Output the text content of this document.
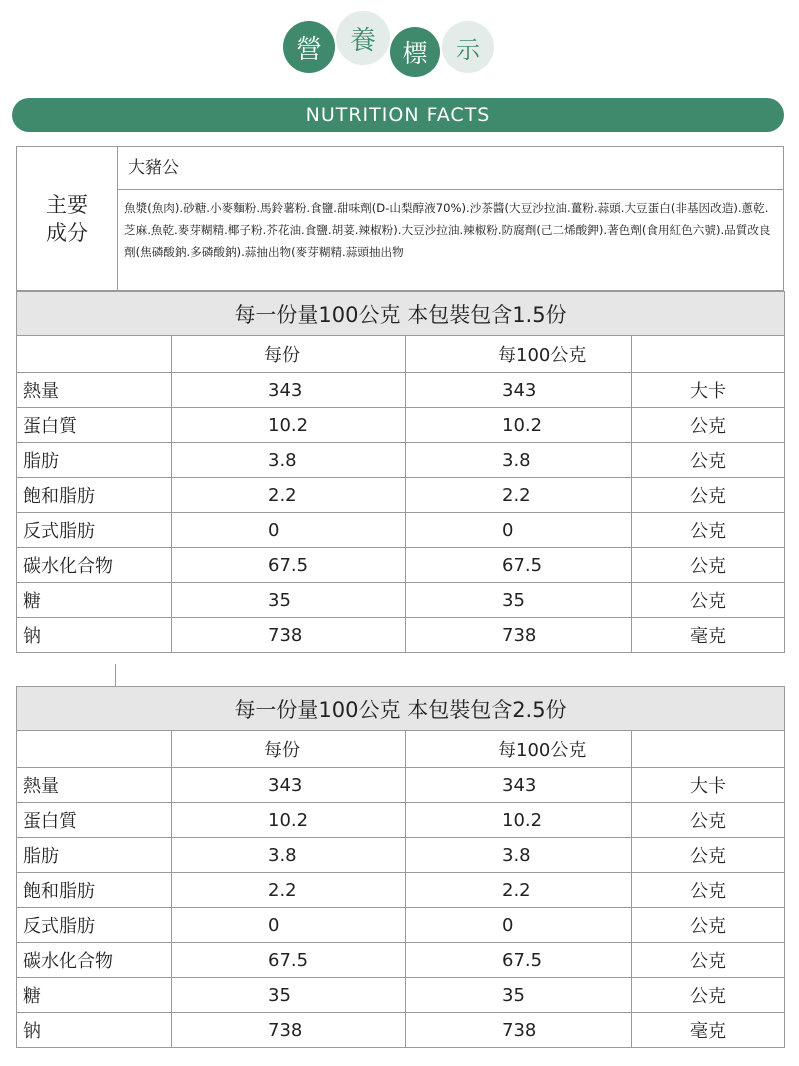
營	養	標	示
NUTRITION FACTS
主要
成分
大豬公
魚漿(魚肉).砂糖.小麥麵粉.馬鈴薯粉.食鹽.甜味劑(D-山梨醇液70%).沙茶醬(大豆沙拉油.薑粉.蒜頭.大豆蛋白(非基因改造).蔥乾.芝麻.魚乾.麥芽糊精.椰子粉.芥花油.食鹽.胡荽.辣椒粉).大豆沙拉油.辣椒粉.防腐劑(己二烯酸鉀).著色劑(食用紅色六號).品質改良劑(焦磷酸鈉.多磷酸鈉).蒜抽出物(麥芽糊精.蒜頭抽出物
每一份量100公克 本包裝包含1.5份			
	每份	每100公克	
熱量	343	343	大卡
蛋白質	10.2	10.2	公克
脂肪	3.8	3.8	公克
飽和脂肪	2.2	2.2	公克
反式脂肪	0	0	公克
碳水化合物	67.5	67.5	公克
糖	35	35	公克
钠	738	738	毫克
每一份量100公克 本包裝包含2.5份			
	每份	每100公克	
熱量	343	343	大卡
蛋白質	10.2	10.2	公克
脂肪	3.8	3.8	公克
飽和脂肪	2.2	2.2	公克
反式脂肪	0	0	公克
碳水化合物	67.5	67.5	公克
糖	35	35	公克
钠	738	738	毫克
